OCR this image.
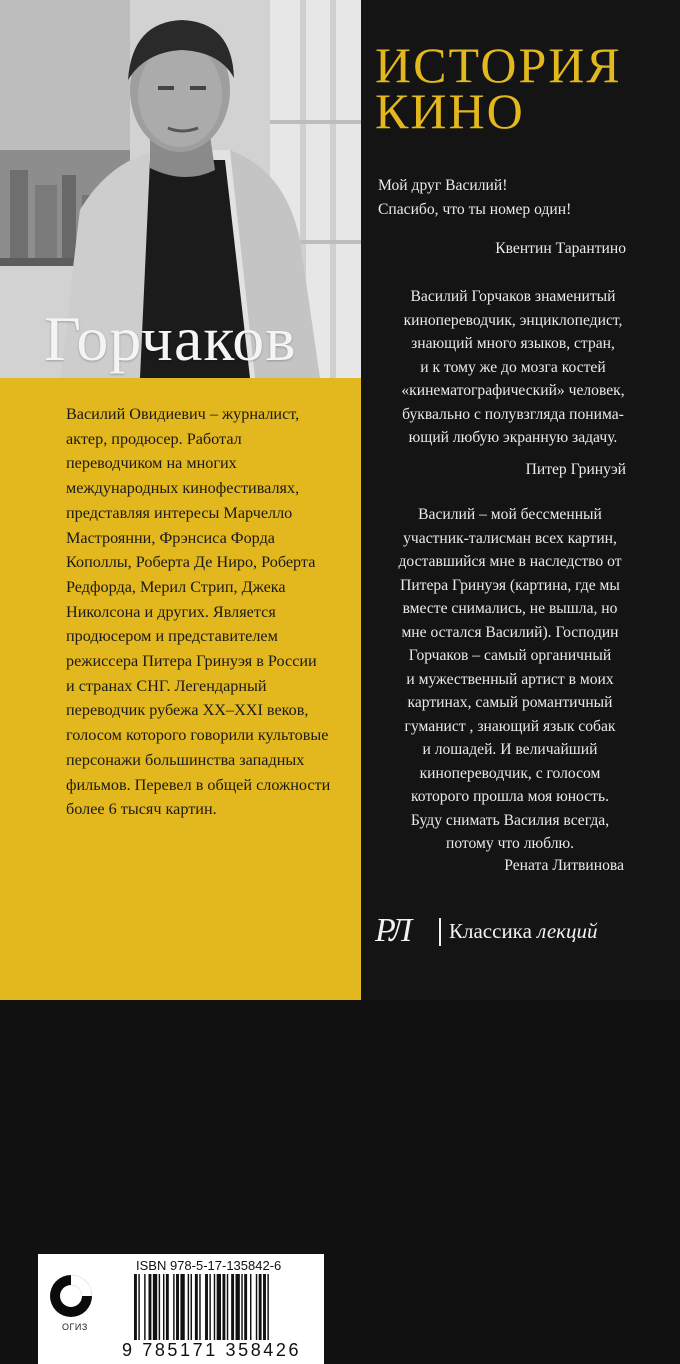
Горчаков
Василий Овидиевич – журналист,
актер, продюсер. Работал
переводчиком на многих
международных кинофестивалях,
представляя интересы Марчелло
Мастроянни, Фрэнсиса Форда
Кополлы, Роберта Де Ниро, Роберта
Редфорда, Мерил Стрип, Джека
Николсона и других. Является
продюсером и представителем
режиссера Питера Гринуэя в России
и странах СНГ. Легендарный
переводчик рубежа XX–XXI веков,
голосом которого говорили культовые
персонажи большинства западных
фильмов. Перевел в общей сложности
более 6 тысяч картин.
ОГИЗ
ISBN 978-5-17-135842-6
9 785171 358426
ИСТОРИЯ
КИНО
Мой друг Василий!
Спасибо, что ты номер один!
Квентин Тарантино
Василий Горчаков знаменитый
кинопереводчик, энциклопедист,
знающий много языков, стран,
и к тому же до мозга костей
«кинематографический» человек,
буквально с полувзгляда понима-
ющий любую экранную задачу.
Питер Гринуэй
Василий – мой бессменный
участник-талисман всех картин,
доставшийся мне в наследство от
Питера Гринуэя (картина, где мы
вместе снимались, не вышла, но
мне остался Василий). Господин
Горчаков – самый органичный
и мужественный артист в моих
картинах, самый романтичный
гуманист , знающий язык собак
и лошадей. И величайший
кинопереводчик, с голосом
которого прошла моя юность.
Буду снимать Василия всегда,
потому что люблю.
Рената Литвинова
РЛ Классика лекций
